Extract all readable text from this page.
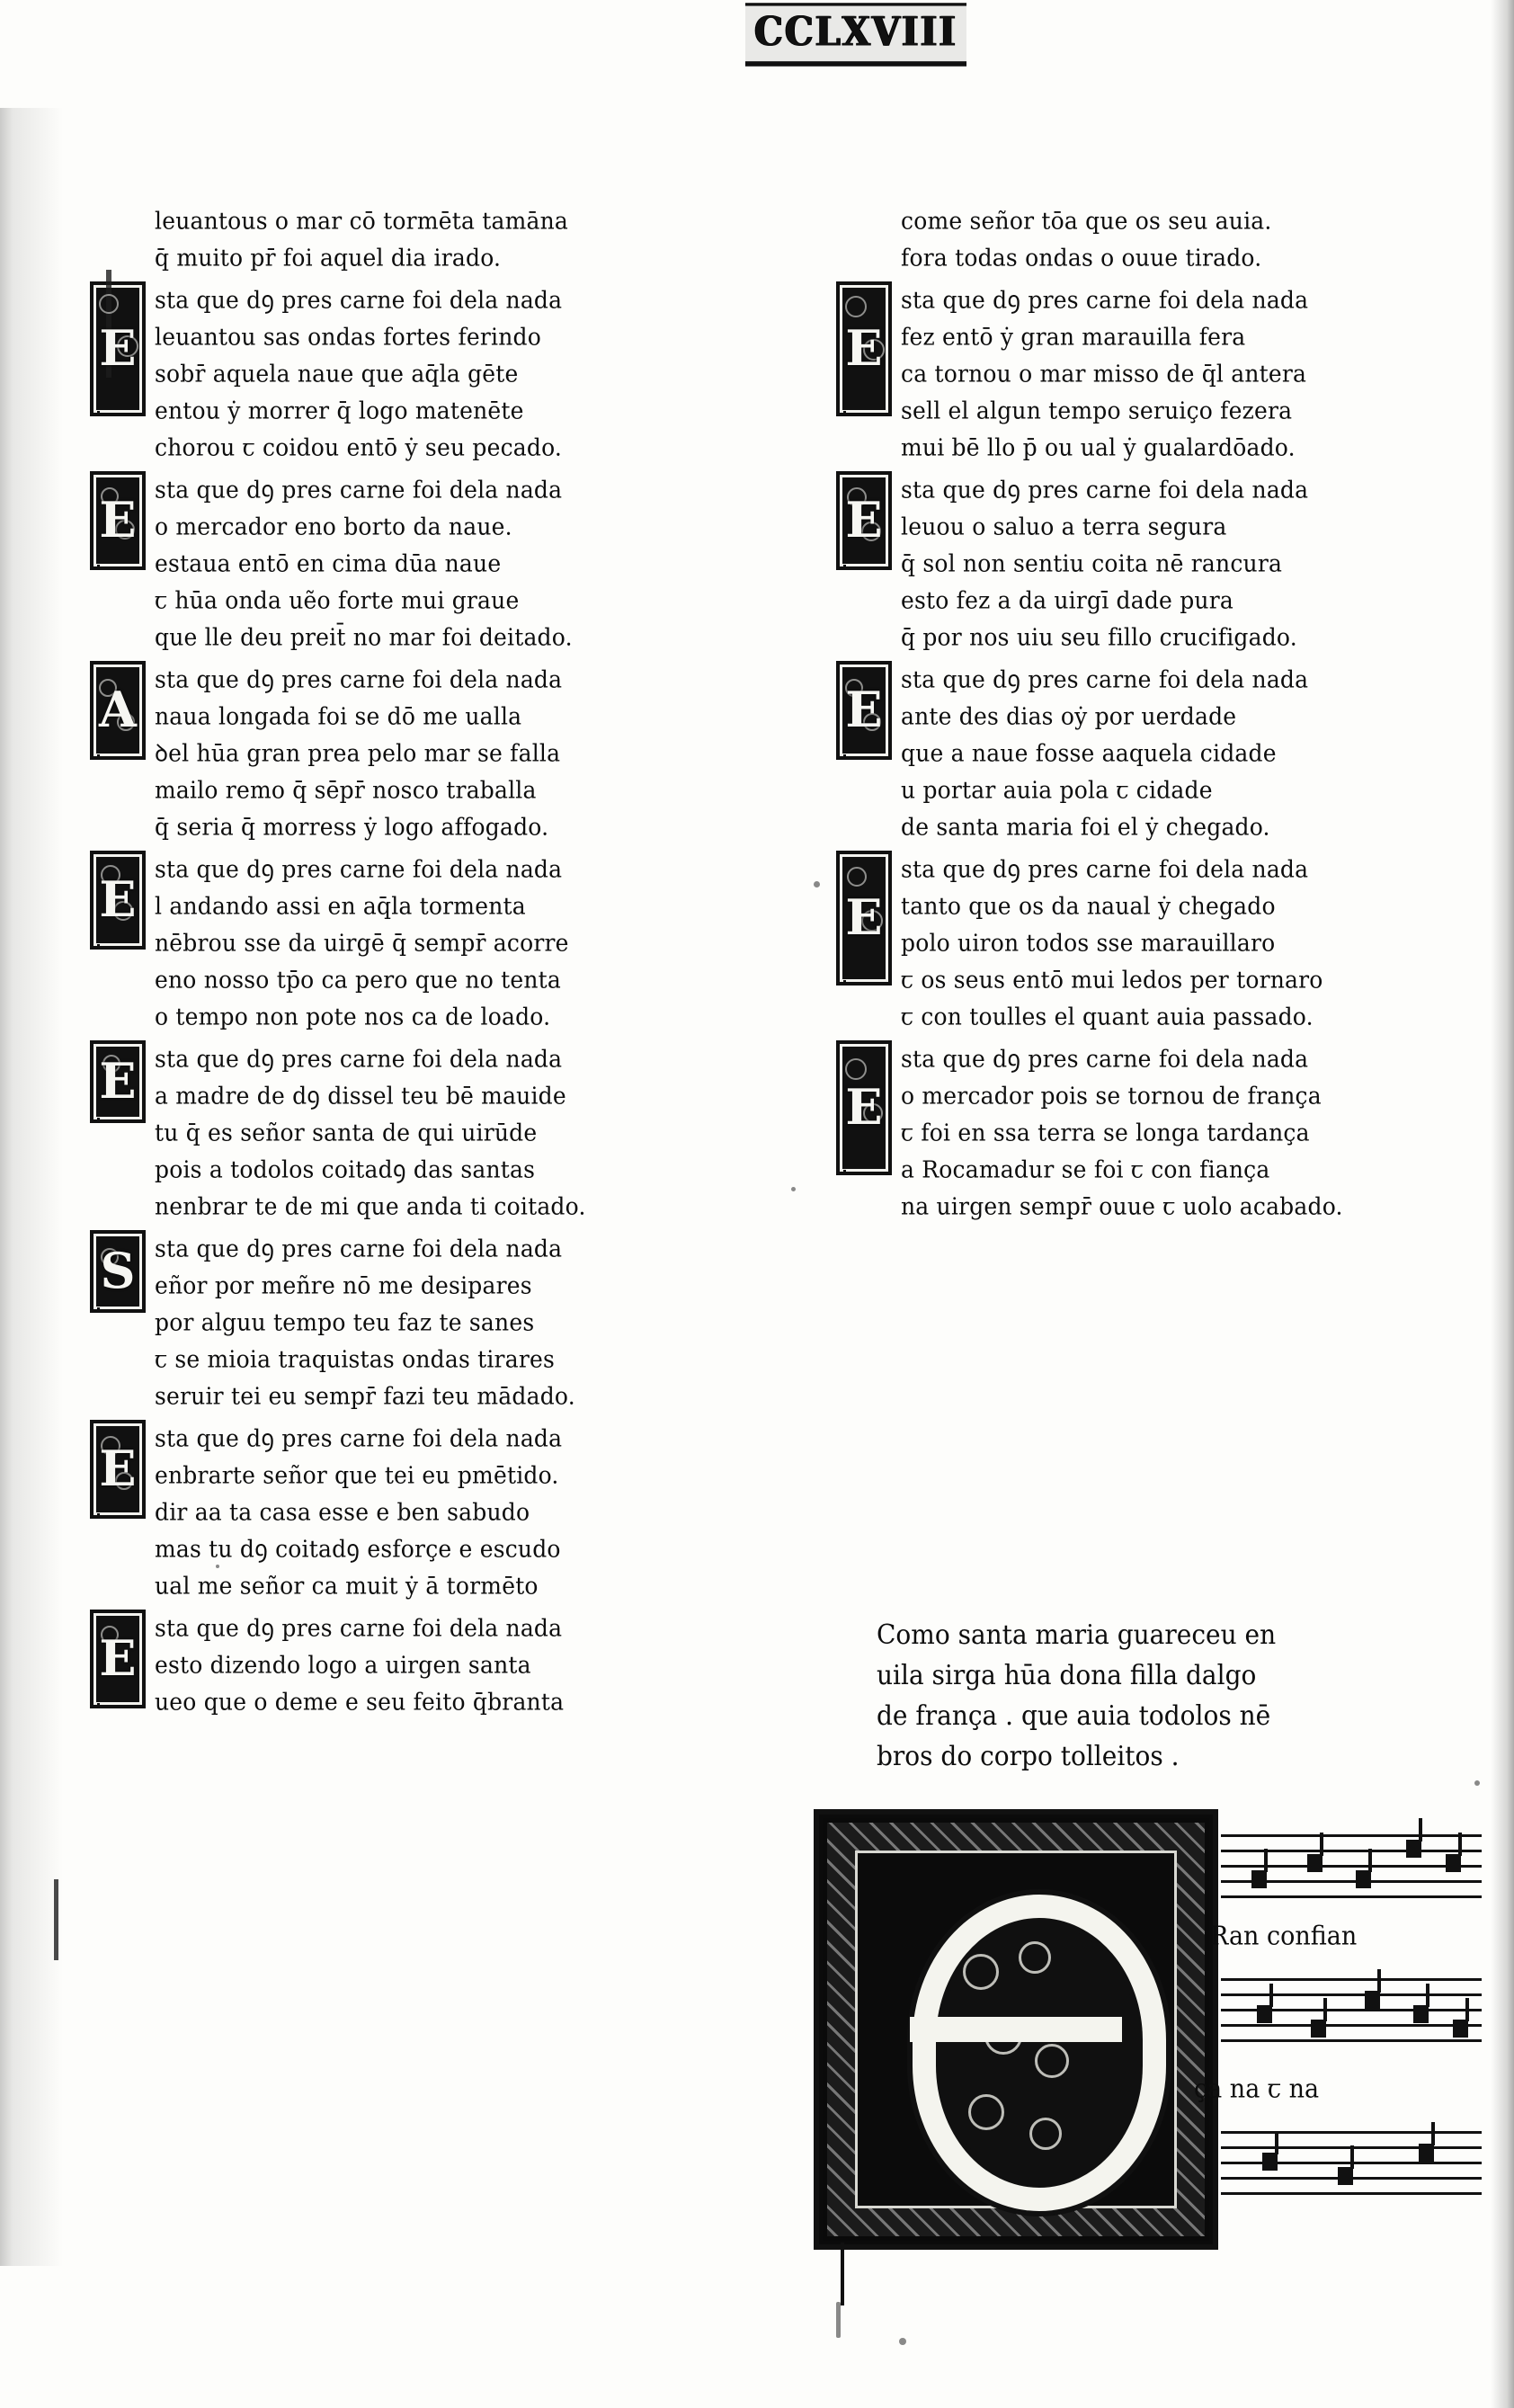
CCLXVIII
leuantous o mar cō tormēta tamāna
q̄ muito pr̄ foi aquel dia irado.
E
sta que dꝯ pres carne foi dela nada
leuantou sas ondas fortes ferindo
sobr̄ aquela naue que aq̄la gēte
entou ẏ morrer q̄ logo matenēte
chorou ꞇ coidou entō ẏ seu pecado.
E
sta que dꝯ pres carne foi dela nada
o mercador eno borto da naue.
estaua entō en cima dūa naue
ꞇ hūa onda uẽo forte mui graue
que lle deu preit̄ no mar foi deitado.
A
sta que dꝯ pres carne foi dela nada
naua longada foi se dō me ualla
ꝺel hūa gran prea pelo mar se falla
mailo remo q̄ sēpr̄ nosco traballa
q̄ seria q̄ morress ẏ logo affogado.
E
sta que dꝯ pres carne foi dela nada
l andando assi en aq̄la tormenta
nēbrou sse da uirgē q̄ sempr̄ acorre
eno nosso tp̄o ca pero que no tenta
o tempo non pote nos ca de loado.
E sta que dꝯ pres carne foi dela nada
a madre de dꝯ dissel teu bē mauide
tu q̄ es señor santa de qui uirūde
pois a todolos coitadꝯ das santas
nenbrar te de mi que anda ti coitado.
S sta que dꝯ pres carne foi dela nada
eñor por meñre nō me desipares
por alguu tempo teu faz te sanes
ꞇ se mioia traquistas ondas tirares
seruir tei eu sempr̄ fazi teu mādado.
E
sta que dꝯ pres carne foi dela nada
enbrarte señor que tei eu pmētido.
dir aa ta casa esse e ben sabudo
mas tu dꝯ coitadꝯ esforçe e escudo
ual me señor ca muit ẏ ā tormēto
E
sta que dꝯ pres carne foi dela nada
esto dizendo logo a uirgen santa
ueo que o deme e seu feito q̄branta
come señor tōa que os seu auia.
fora todas ondas o ouue tirado.
E
sta que dꝯ pres carne foi dela nada
fez entō ẏ gran marauilla fera
ca tornou o mar misso de q̄l antera
sell el algun tempo seruiço fezera
mui bē llo p̄ ou ual ẏ gualardōado.
E
sta que dꝯ pres carne foi dela nada
leuou o saluo a terra segura
q̄ sol non sentiu coita nē rancura
esto fez a da uirgī dade pura
q̄ por nos uiu seu fillo crucifigado.
E
sta que dꝯ pres carne foi dela nada
ante des dias oẏ por uerdade
que a naue fosse aaquela cidade
u portar auia pola ꞇ cidade
de santa maria foi el ẏ chegado.
E
sta que dꝯ pres carne foi dela nada
tanto que os da naual ẏ chegado
polo uiron todos sse marauillaro
ꞇ os seus entō mui ledos per tornaro
ꞇ con toulles el quant auia passado.
E
sta que dꝯ pres carne foi dela nada
o mercador pois se tornou de frança
ꞇ foi en ssa terra se longa tardança
a Rocamadur se foi ꞇ con fiança
na uirgen sempr̄ ouue ꞇ uolo acabado.
Como santa maria guareceu en
uila sirga hūa dona filla dalgo
de frança . que auia todolos nē
bros do corpo tolleitos .
Ran confian
ça na ꞇ na
